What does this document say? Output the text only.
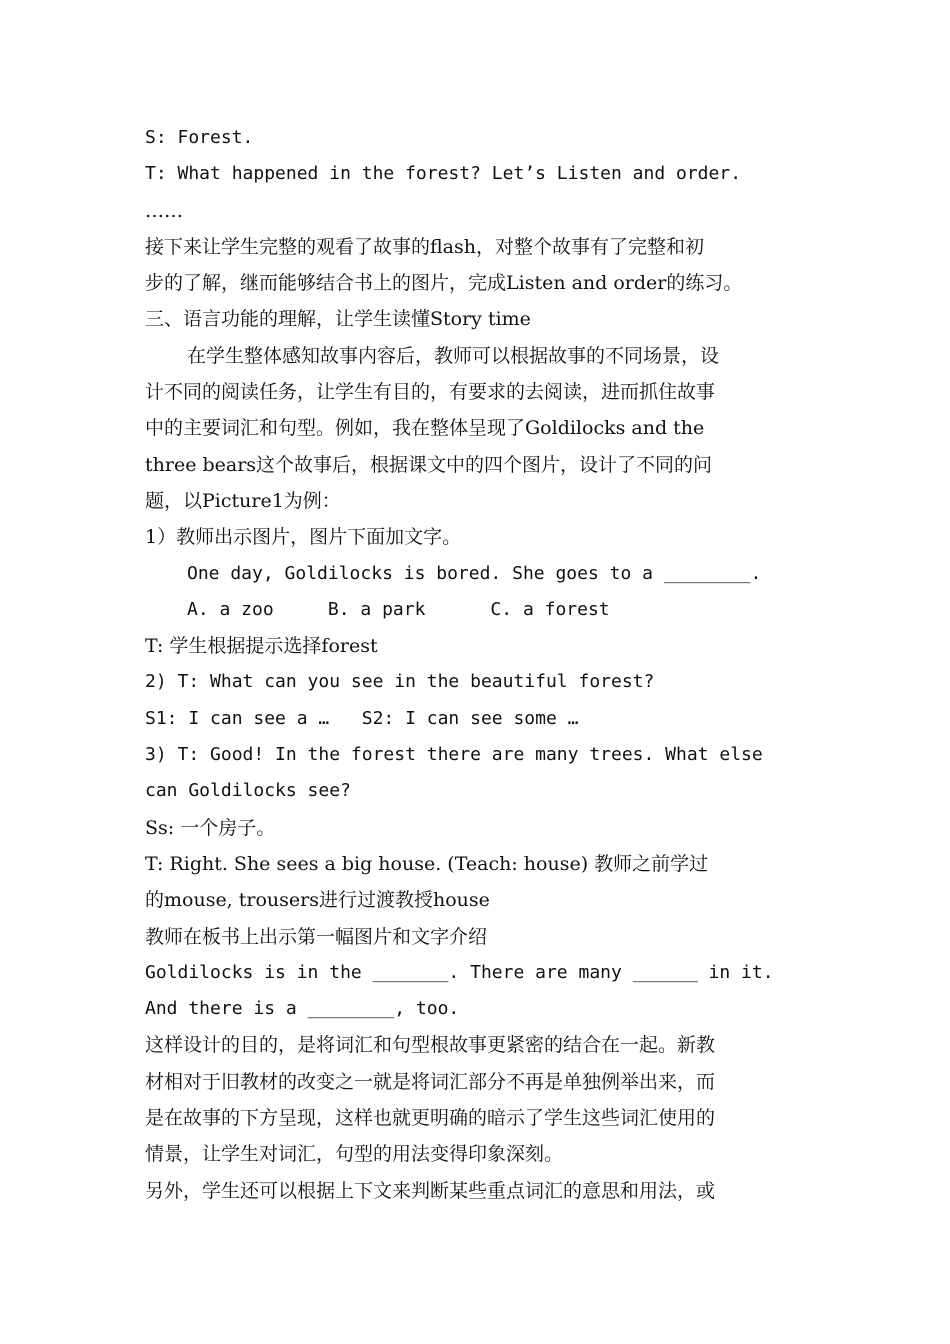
S: Forest.
T: What happened in the forest? Let’s Listen and order.
……
接下来让学生完整的观看了故事的flash，对整个故事有了完整和初
步的了解，继而能够结合书上的图片，完成Listen and order的练习。
三、语言功能的理解，让学生读懂Story time
在学生整体感知故事内容后，教师可以根据故事的不同场景，设
计不同的阅读任务，让学生有目的，有要求的去阅读，进而抓住故事
中的主要词汇和句型。例如，我在整体呈现了Goldilocks and the
three bears这个故事后，根据课文中的四个图片，设计了不同的问
题，以Picture1为例：
1）教师出示图片，图片下面加文字。
One day, Goldilocks is bored. She goes to a ________.
A. a zoo     B. a park      C. a forest
T: 学生根据提示选择forest
2) T: What can you see in the beautiful forest?
S1: I can see a …   S2: I can see some …
3) T: Good! In the forest there are many trees. What else
can Goldilocks see?
Ss: 一个房子。
T: Right. She sees a big house. (Teach: house) 教师之前学过
的mouse, trousers进行过渡教授house
教师在板书上出示第一幅图片和文字介绍
Goldilocks is in the _______. There are many ______ in it.
And there is a ________, too.
这样设计的目的，是将词汇和句型根故事更紧密的结合在一起。新教
材相对于旧教材的改变之一就是将词汇部分不再是单独例举出来，而
是在故事的下方呈现，这样也就更明确的暗示了学生这些词汇使用的
情景，让学生对词汇，句型的用法变得印象深刻。
另外，学生还可以根据上下文来判断某些重点词汇的意思和用法，或
